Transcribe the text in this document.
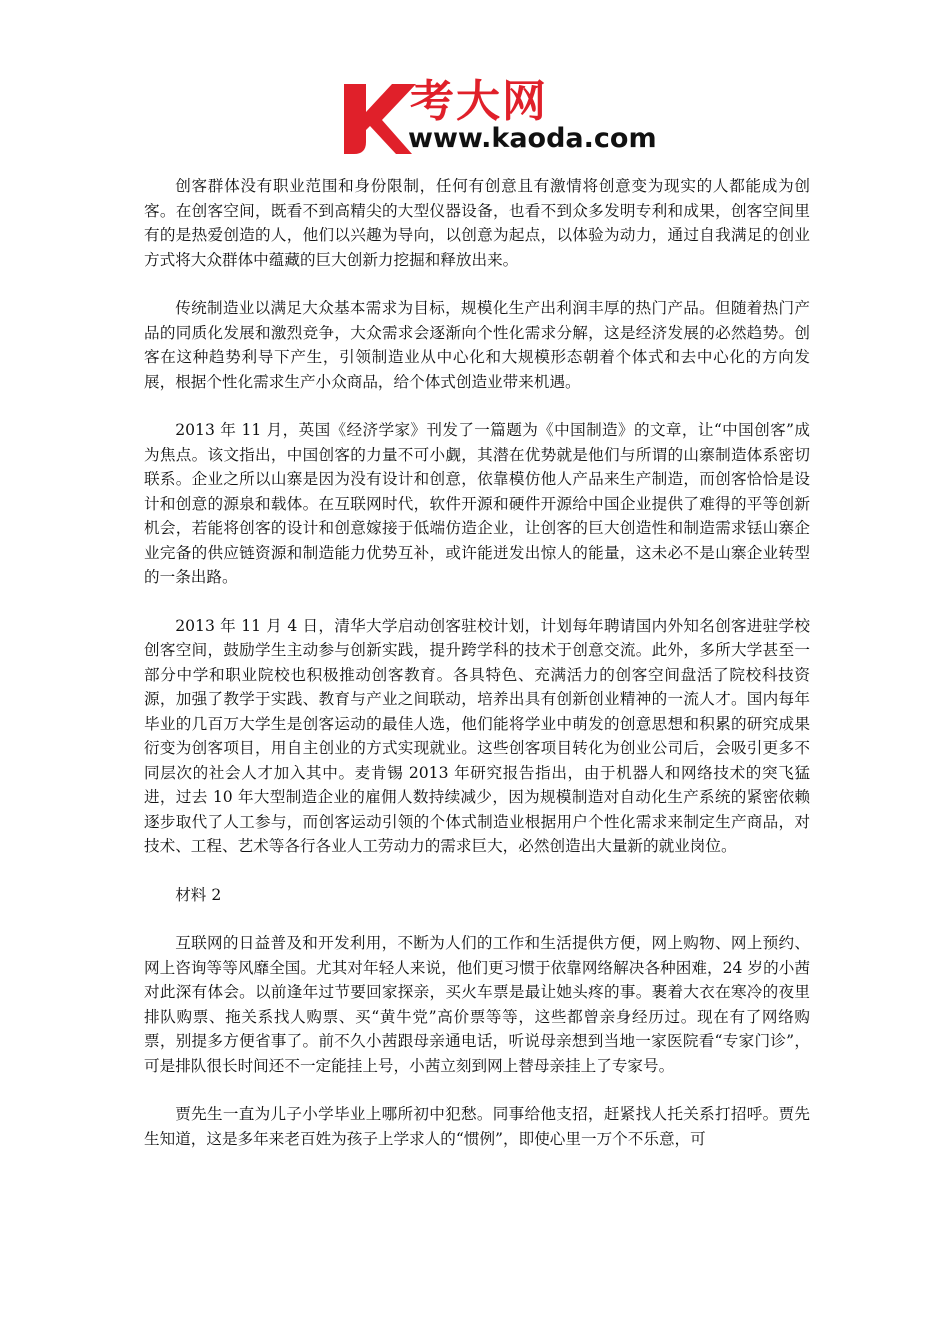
考大网
www.kaoda.com

创客群体没有职业范围和身份限制，任何有创意且有激情将创意变为现实的人都能成为创客。在创客空间，既看不到高精尖的大型仪器设备，也看不到众多发明专利和成果，创客空间里有的是热爱创造的人，他们以兴趣为导向，以创意为起点，以体验为动力，通过自我满足的创业方式将大众群体中蕴藏的巨大创新力挖掘和释放出来。

传统制造业以满足大众基本需求为目标，规模化生产出利润丰厚的热门产品。但随着热门产品的同质化发展和激烈竞争，大众需求会逐渐向个性化需求分解，这是经济发展的必然趋势。创客在这种趋势利导下产生，引领制造业从中心化和大规模形态朝着个体式和去中心化的方向发展，根据个性化需求生产小众商品，给个体式创造业带来机遇。

2013 年 11 月，英国《经济学家》刊发了一篇题为《中国制造》的文章，让“中国创客”成为焦点。该文指出，中国创客的力量不可小觑，其潜在优势就是他们与所谓的山寨制造体系密切联系。企业之所以山寨是因为没有设计和创意，依靠模仿他人产品来生产制造，而创客恰恰是设计和创意的源泉和载体。在互联网时代，软件开源和硬件开源给中国企业提供了难得的平等创新机会，若能将创客的设计和创意嫁接于低端仿造企业，让创客的巨大创造性和制造需求铥山寨企业完备的供应链资源和制造能力优势互补，或许能迸发出惊人的能量，这未必不是山寨企业转型的一条出路。

2013 年 11 月 4 日，清华大学启动创客驻校计划，计划每年聘请国内外知名创客进驻学校创客空间，鼓励学生主动参与创新实践，提升跨学科的技术于创意交流。此外，多所大学甚至一部分中学和职业院校也积极推动创客教育。各具特色、充满活力的创客空间盘活了院校科技资源，加强了教学于实践、教育与产业之间联动，培养出具有创新创业精神的一流人才。国内每年毕业的几百万大学生是创客运动的最佳人选，他们能将学业中萌发的创意思想和积累的研究成果衍变为创客项目，用自主创业的方式实现就业。这些创客项目转化为创业公司后，会吸引更多不同层次的社会人才加入其中。麦肯锡 2013 年研究报告指出，由于机器人和网络技术的突飞猛进，过去 10 年大型制造企业的雇佣人数持续减少，因为规模制造对自动化生产系统的紧密依赖逐步取代了人工参与，而创客运动引领的个体式制造业根据用户个性化需求来制定生产商品，对技术、工程、艺术等各行各业人工劳动力的需求巨大，必然创造出大量新的就业岗位。

材料 2

互联网的日益普及和开发利用，不断为人们的工作和生活提供方便，网上购物、网上预约、网上咨询等等风靡全国。尤其对年轻人来说，他们更习惯于依靠网络解决各种困难，24 岁的小茜对此深有体会。以前逢年过节要回家探亲，买火车票是最让她头疼的事。裹着大衣在寒冷的夜里排队购票、拖关系找人购票、买“黄牛党”高价票等等，这些都曾亲身经历过。现在有了网络购票，别提多方便省事了。前不久小茜跟母亲通电话，听说母亲想到当地一家医院看“专家门诊”，可是排队很长时间还不一定能挂上号，小茜立刻到网上替母亲挂上了专家号。

贾先生一直为儿子小学毕业上哪所初中犯愁。同事给他支招，赶紧找人托关系打招呼。贾先生知道，这是多年来老百姓为孩子上学求人的“惯例”，即使心里一万个不乐意，可
